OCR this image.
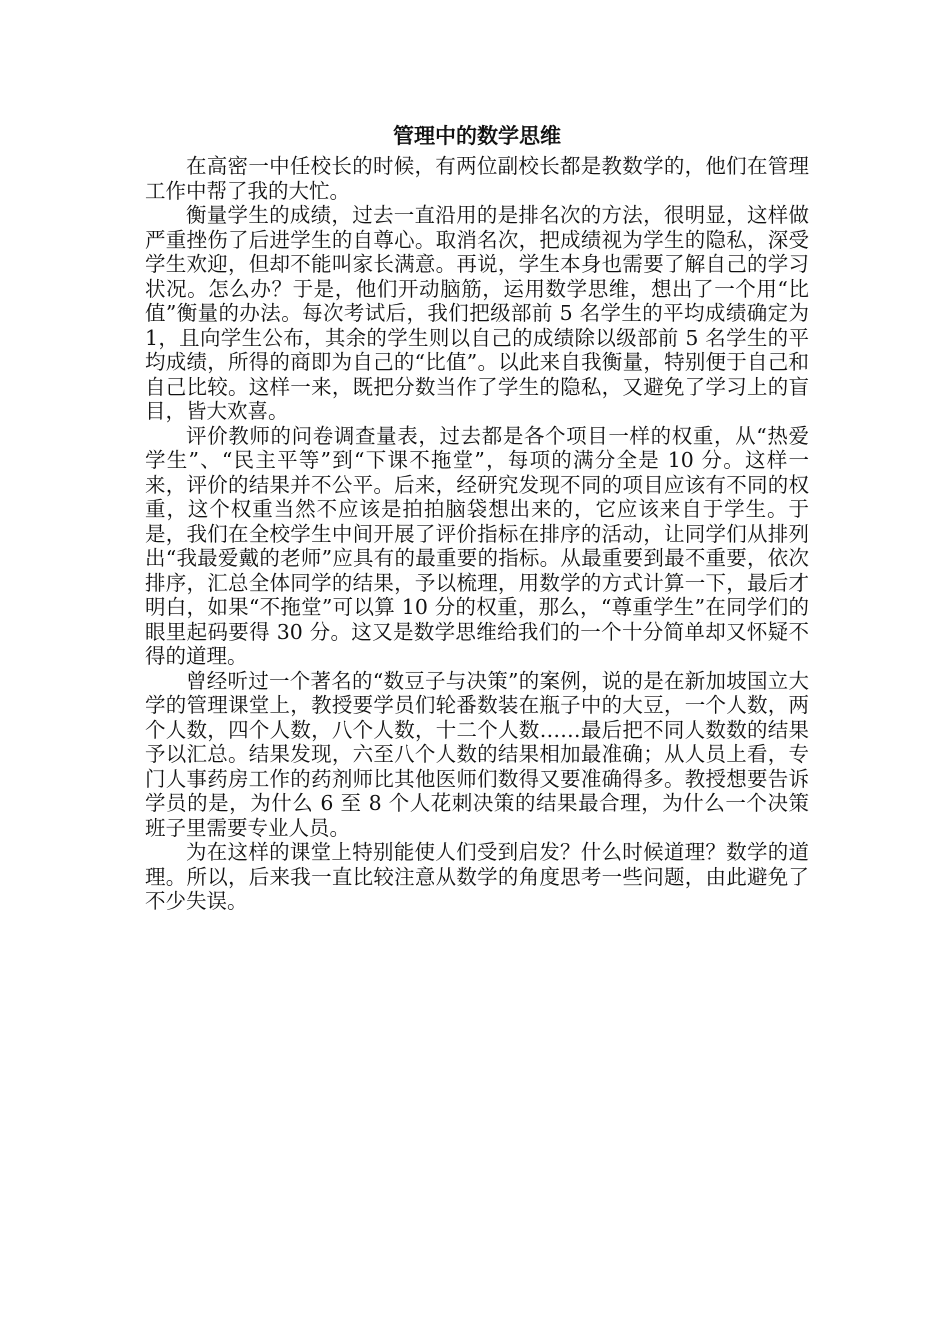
管理中的数学思维

在高密一中任校长的时候，有两位副校长都是教数学的，他们在管理工作中帮了我的大忙。

衡量学生的成绩，过去一直沿用的是排名次的方法，很明显，这样做严重挫伤了后进学生的自尊心。取消名次，把成绩视为学生的隐私，深受学生欢迎，但却不能叫家长满意。再说，学生本身也需要了解自己的学习状况。怎么办？于是，他们开动脑筋，运用数学思维，想出了一个用“比值”衡量的办法。每次考试后，我们把级部前 5 名学生的平均成绩确定为 1，且向学生公布，其余的学生则以自己的成绩除以级部前 5 名学生的平均成绩，所得的商即为自己的“比值”。以此来自我衡量，特别便于自己和自己比较。这样一来，既把分数当作了学生的隐私，又避免了学习上的盲目，皆大欢喜。

评价教师的问卷调查量表，过去都是各个项目一样的权重，从“热爱学生”、“民主平等”到“下课不拖堂”，每项的满分全是 10 分。这样一来，评价的结果并不公平。后来，经研究发现不同的项目应该有不同的权重，这个权重当然不应该是拍拍脑袋想出来的，它应该来自于学生。于是，我们在全校学生中间开展了评价指标在排序的活动，让同学们从排列出“我最爱戴的老师”应具有的最重要的指标。从最重要到最不重要，依次排序，汇总全体同学的结果，予以梳理，用数学的方式计算一下，最后才明白，如果“不拖堂”可以算 10 分的权重，那么，“尊重学生”在同学们的眼里起码要得 30 分。这又是数学思维给我们的一个十分简单却又怀疑不得的道理。

曾经听过一个著名的“数豆子与决策”的案例，说的是在新加坡国立大学的管理课堂上，教授要学员们轮番数装在瓶子中的大豆，一个人数，两个人数，四个人数，八个人数，十二个人数……最后把不同人数数的结果予以汇总。结果发现，六至八个人数的结果相加最准确；从人员上看，专门人事药房工作的药剂师比其他医师们数得又要准确得多。教授想要告诉学员的是，为什么 6 至 8 个人花刺决策的结果最合理，为什么一个决策班子里需要专业人员。

为在这样的课堂上特别能使人们受到启发？什么时候道理？数学的道理。所以，后来我一直比较注意从数学的角度思考一些问题，由此避免了不少失误。
